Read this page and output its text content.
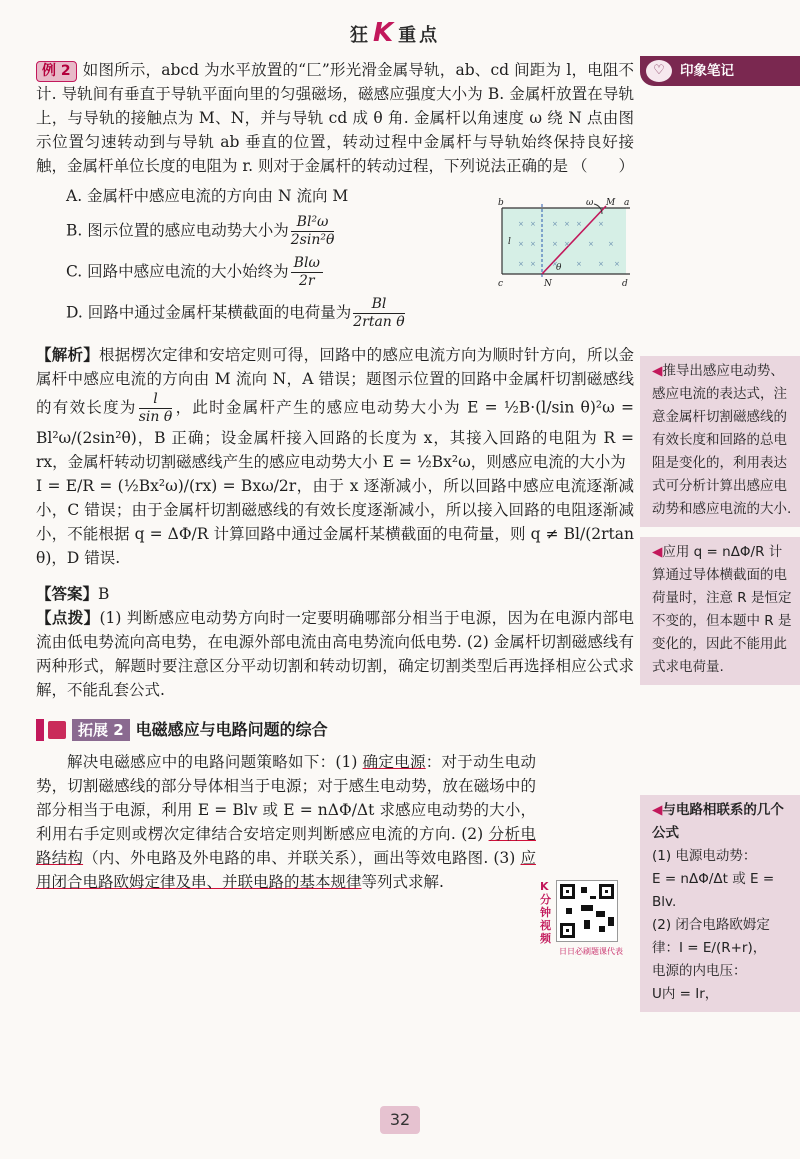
狂K 重点

例 2 如图所示，abcd 为水平放置的“匚”形光滑金属导轨，ab、cd 间距为 l，电阻不计. 导轨间有垂直于导轨平面向里的匀强磁场，磁感应强度大小为 B. 金属杆放置在导轨上，与导轨的接触点为 M、N，并与导轨 cd 成 θ 角. 金属杆以角速度 ω 绕 N 点由图示位置匀速转动到与导轨 ab 垂直的位置，转动过程中金属杆与导轨始终保持良好接触，金属杆单位长度的电阻为 r. 则对于金属杆的转动过程，下列说法正确的是 （　　）

A. 金属杆中感应电流的方向由 N 流向 M
B. 图示位置的感应电动势大小为 $\frac{\text{Bl²ω}}{\text{2sin²θ}}$
C. 回路中感应电流的大小始终为 $\frac{\text{Blω}}{2r}$
D. 回路中通过金属杆某横截面的电荷量为 $\frac{Bl}{\text{2rtan θ}}$

【解析】根据楞次定律和安培定则可得，回路中的感应电流方向为顺时针方向，所以金属杆中感应电流的方向由 M 流向 N，A 错误；题图示位置的回路中金属杆切割磁感线的有效长度为 $\frac{l}{\text{sin θ}}$ ，此时金属杆产生的感应电动势大小为 E = ½B·(l/sin θ)²ω = Bl²ω/(2sin²θ)，B 正确；设金属杆接入回路的长度为 x，其接入回路的电阻为 R = rx，金属杆转动切割磁感线产生的感应电动势大小 E = ½Bx²ω，则感应电流的大小为

I = E/R = (½Bx²ω)/(rx) = Bxω/2r，由于 x 逐渐减小，所以回路中感应电流逐渐减小，C 错误；由于金属杆切割磁感线的有效长度逐渐减小，所以接入回路的电阻逐渐减小，不能根据 q = ΔΦ/R 计算回路中通过金属杆某横截面的电荷量，则 q ≠ Bl/(2rtan θ)，D 错误.

【答案】B

【点拨】(1) 判断感应电动势方向时一定要明确哪部分相当于电源，因为在电源内部电流由低电势流向高电势，在电源外部电流由高电势流向低电势. (2) 金属杆切割磁感线有两种形式，解题时要注意区分平动切割和转动切割，确定切割类型后再选择相应公式求解，不能乱套公式.

拓展 2 电磁感应与电路问题的综合

解决电磁感应中的电路问题策略如下：(1) 确定电源：对于动生电动势，切割磁感线的部分导体相当于电源；对于感生电动势，放在磁场中的部分相当于电源，利用 E = Blv 或 E = nΔΦ/Δt 求感应电动势的大小，利用右手定则或楞次定律结合安培定则判断感应电流的方向. (2) 分析电路结构（内、外电路及外电路的串、并联关系），画出等效电路图. (3) 应用闭合电路欧姆定律及串、并联电路的基本规律等列式求解.

× × × × × ×
× × × ×	× ×
× × ×	× × ×
b	a
c	d
M
N
l
ω
θ
K分钟视频
日日必刷题课代表
♡	印象笔记
◀推导出感应电动势、感应电流的表达式，注意金属杆切割磁感线的有效长度和回路的总电阻是变化的，利用表达式可分析计算出感应电动势和感应电流的大小.
◀应用 q = nΔΦ/R 计算通过导体横截面的电荷量时，注意 R 是恒定不变的，但本题中 R 是变化的，因此不能用此式求电荷量.
◀与电路相联系的几个公式
(1) 电源电动势：
E = nΔΦ/Δt 或 E = Blv.
(2) 闭合电路欧姆定律：I = E/(R+r)，
电源的内电压：
U内 = Ir，
32
